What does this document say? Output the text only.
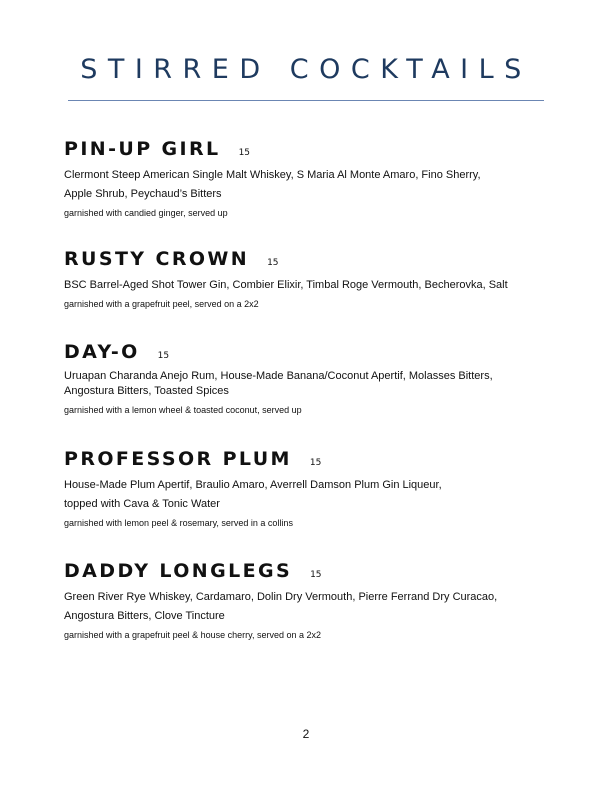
STIRRED COCKTAILS
PIN-UP GIRL 15
Clermont Steep American Single Malt Whiskey, S Maria Al Monte Amaro, Fino Sherry,
Apple Shrub, Peychaud’s Bitters
garnished with candied ginger, served up
RUSTY CROWN 15
BSC Barrel-Aged Shot Tower Gin, Combier Elixir, Timbal Roge Vermouth, Becherovka, Salt
garnished with a grapefruit peel, served on a 2x2
DAY-O 15
Uruapan Charanda Anejo Rum, House-Made Banana/Coconut Apertif, Molasses Bitters,
Angostura Bitters, Toasted Spices
garnished with a lemon wheel & toasted coconut, served up
PROFESSOR PLUM 15
House-Made Plum Apertif, Braulio Amaro, Averrell Damson Plum Gin Liqueur,
topped with Cava & Tonic Water
garnished with lemon peel & rosemary, served in a collins
DADDY LONGLEGS 15
Green River Rye Whiskey, Cardamaro, Dolin Dry Vermouth, Pierre Ferrand Dry Curacao,
Angostura Bitters, Clove Tincture
garnished with a grapefruit peel & house cherry, served on a 2x2
2
